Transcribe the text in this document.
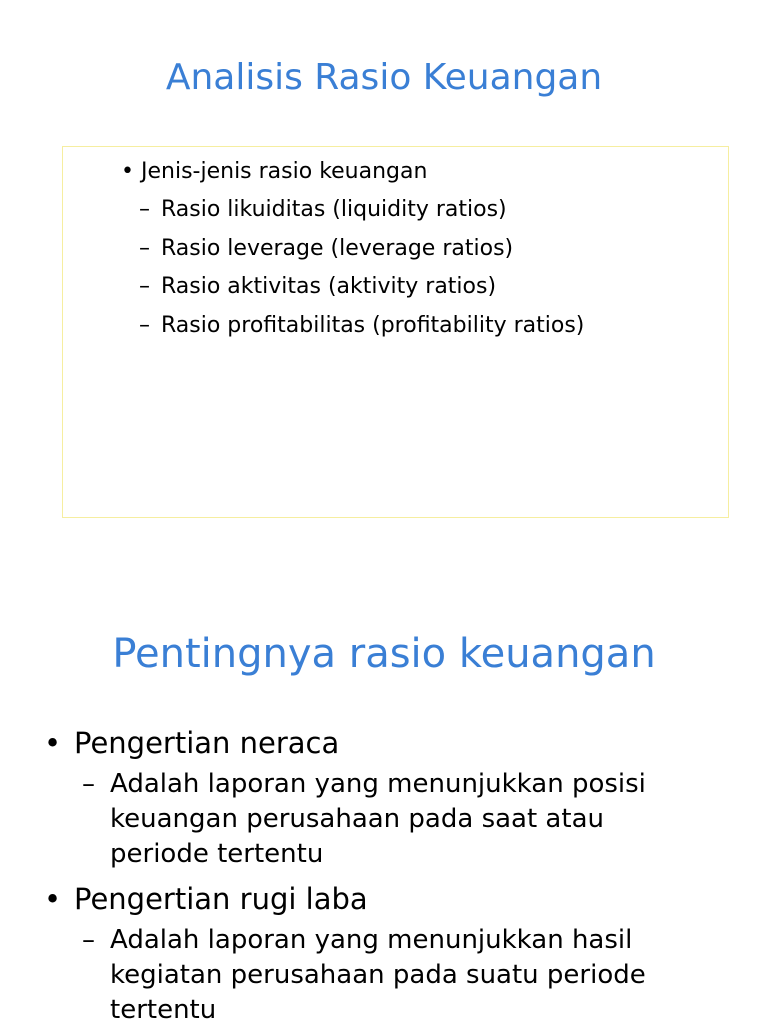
Analisis Rasio Keuangan
• Jenis-jenis rasio keuangan
– Rasio likuiditas (liquidity ratios)
– Rasio leverage (leverage ratios)
– Rasio aktivitas (aktivity ratios)
– Rasio profitabilitas (profitability ratios)
Pentingnya rasio keuangan
• Pengertian neraca
– Adalah laporan yang menunjukkan posisi keuangan perusahaan pada saat atau periode tertentu
• Pengertian rugi laba
– Adalah laporan yang menunjukkan hasil kegiatan perusahaan pada suatu periode tertentu
